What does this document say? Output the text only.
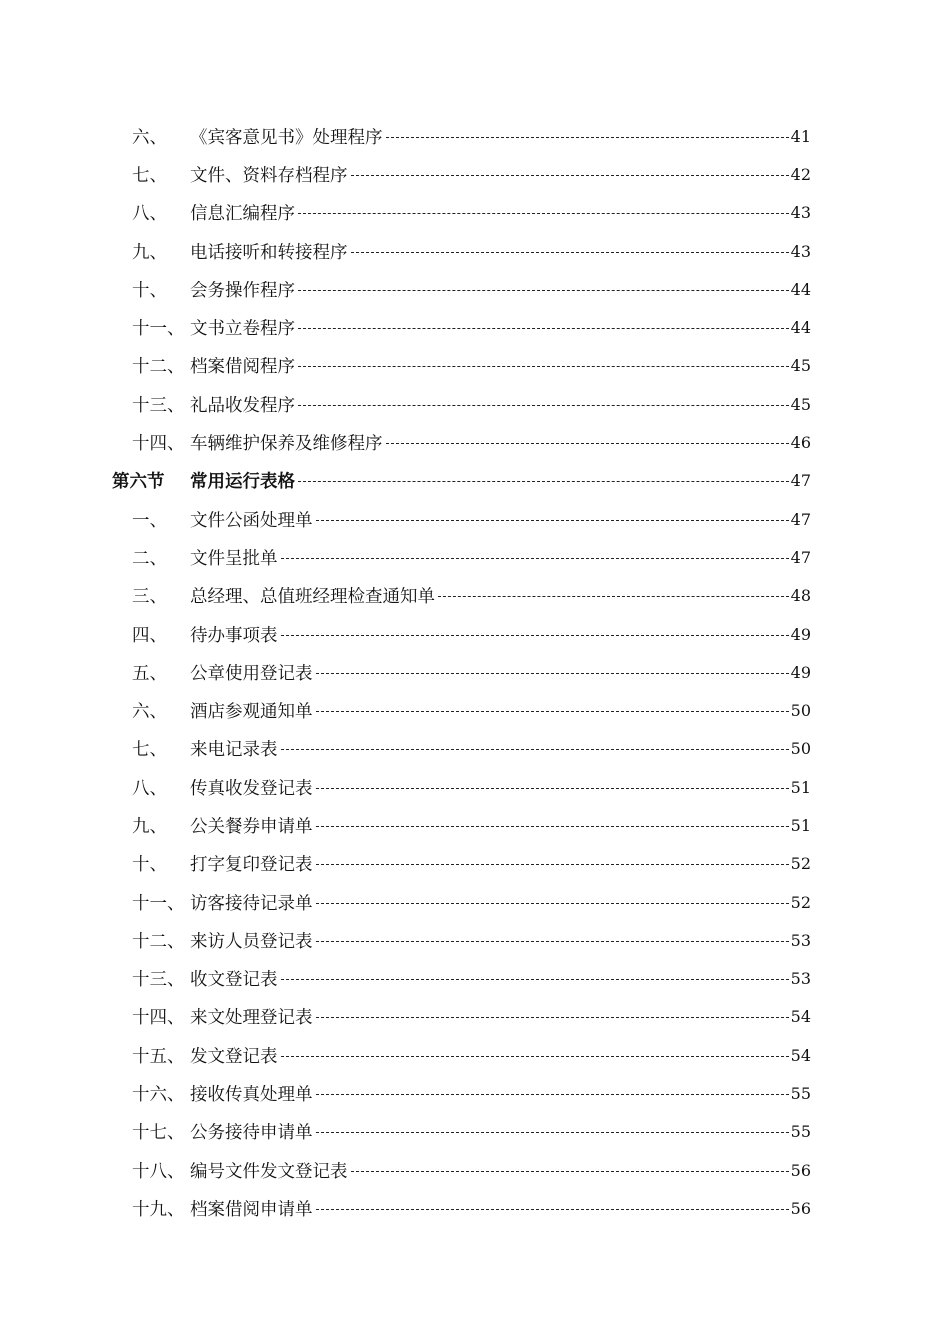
六、 《宾客意见书》处理程序	41
七、 文件、资料存档程序	42
八、 信息汇编程序	43
九、 电话接听和转接程序	43
十、 会务操作程序	44
十一、 文书立卷程序	44
十二、 档案借阅程序	45
十三、 礼品收发程序	45
十四、 车辆维护保养及维修程序	46
第六节 常用运行表格	47
一、 文件公函处理单	47
二、 文件呈批单	47
三、 总经理、总值班经理检查通知单	48
四、 待办事项表	49
五、 公章使用登记表	49
六、 酒店参观通知单	50
七、 来电记录表	50
八、 传真收发登记表	51
九、 公关餐券申请单	51
十、 打字复印登记表	52
十一、 访客接待记录单	52
十二、 来访人员登记表	53
十三、 收文登记表	53
十四、 来文处理登记表	54
十五、 发文登记表	54
十六、 接收传真处理单	55
十七、 公务接待申请单	55
十八、 编号文件发文登记表	56
十九、 档案借阅申请单	56
